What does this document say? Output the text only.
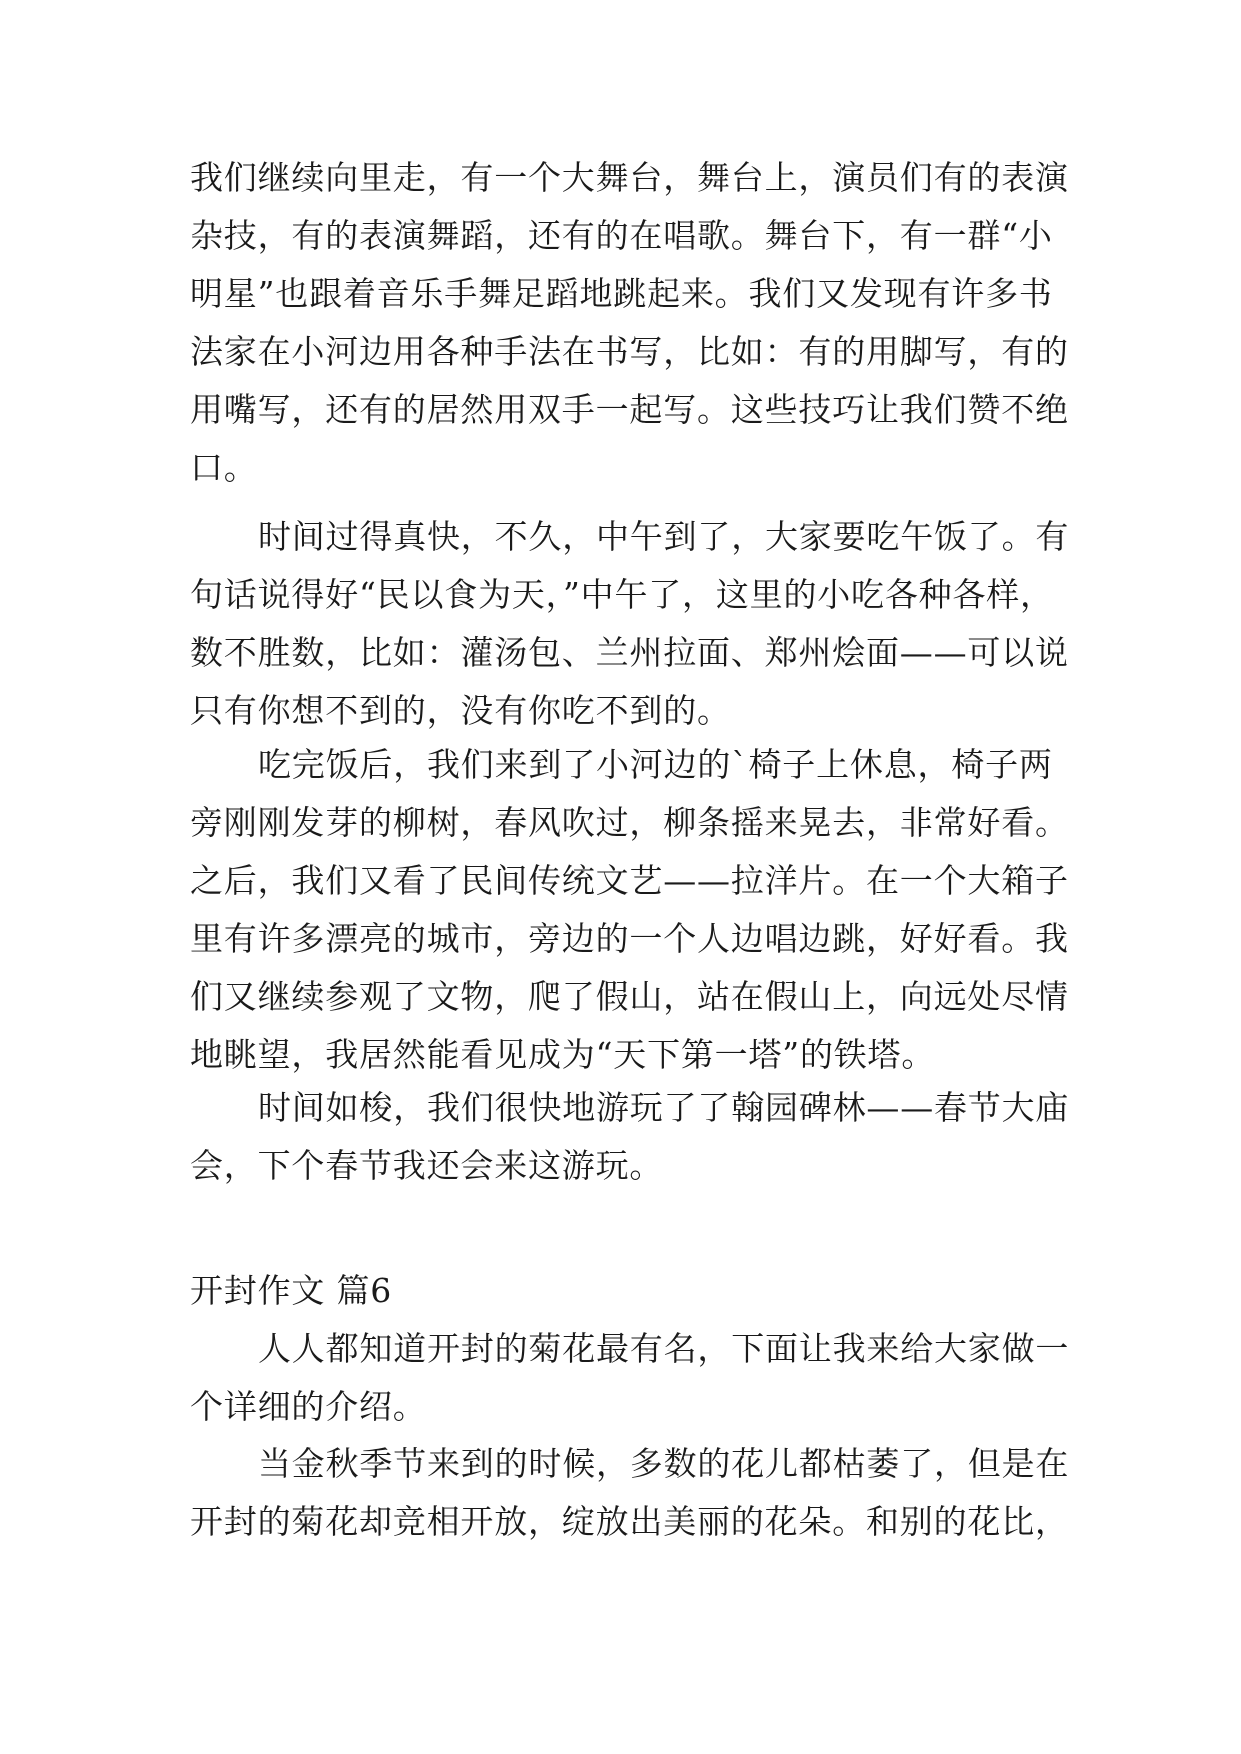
我们继续向里走，有一个大舞台，舞台上，演员们有的表演
杂技，有的表演舞蹈，还有的在唱歌。舞台下，有一群“小
明星”也跟着音乐手舞足蹈地跳起来。我们又发现有许多书
法家在小河边用各种手法在书写，比如：有的用脚写，有的
用嘴写，还有的居然用双手一起写。这些技巧让我们赞不绝
口。
时间过得真快，不久，中午到了，大家要吃午饭了。有
句话说得好“民以食为天，”中午了，这里的小吃各种各样，
数不胜数，比如：灌汤包、兰州拉面、郑州烩面——可以说
只有你想不到的，没有你吃不到的。
吃完饭后，我们来到了小河边的`椅子上休息，椅子两
旁刚刚发芽的柳树，春风吹过，柳条摇来晃去，非常好看。
之后，我们又看了民间传统文艺——拉洋片。在一个大箱子
里有许多漂亮的城市，旁边的一个人边唱边跳，好好看。我
们又继续参观了文物，爬了假山，站在假山上，向远处尽情
地眺望，我居然能看见成为“天下第一塔”的铁塔。
时间如梭，我们很快地游玩了了翰园碑林——春节大庙
会，下个春节我还会来这游玩。
开封作文 篇6
人人都知道开封的菊花最有名，下面让我来给大家做一
个详细的介绍。
当金秋季节来到的时候，多数的花儿都枯萎了，但是在
开封的菊花却竞相开放，绽放出美丽的花朵。和别的花比，
